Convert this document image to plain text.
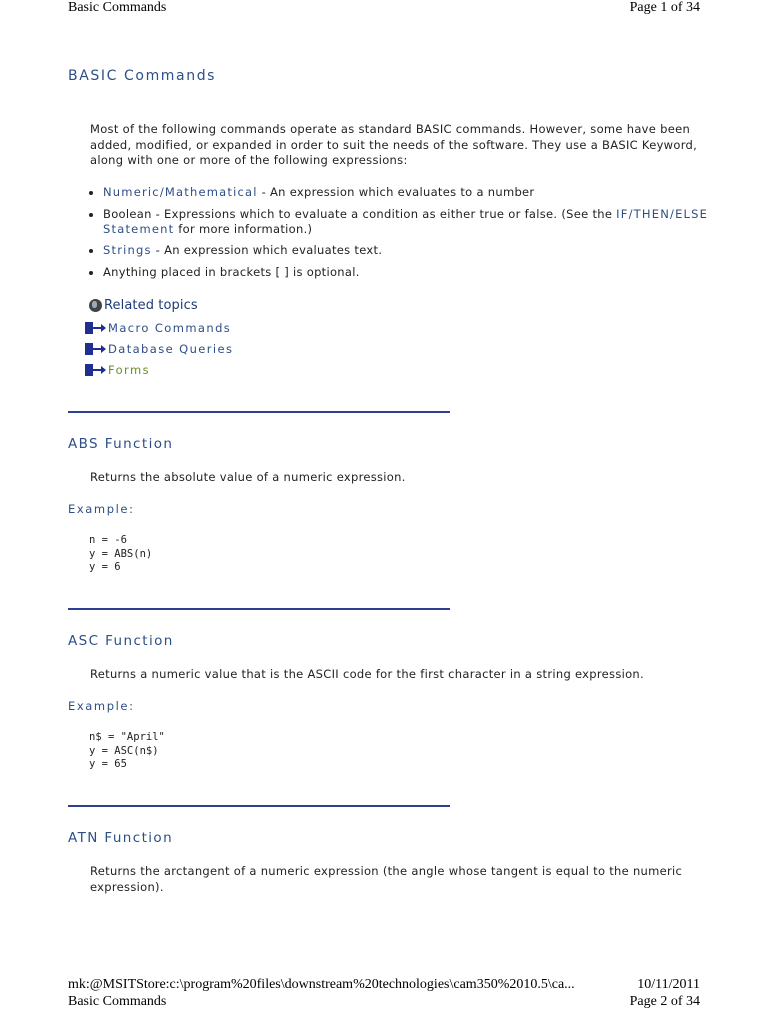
Basic Commands	Page 1 of 34
BASIC Commands
Most of the following commands operate as standard BASIC commands. However, some have been added, modified, or expanded in order to suit the needs of the software. They use a BASIC Keyword, along with one or more of the following expressions:
• Numeric/Mathematical - An expression which evaluates to a number
• Boolean - Expressions which to evaluate a condition as either true or false. (See the IF/THEN/ELSE Statement for more information.)
• Strings - An expression which evaluates text.
• Anything placed in brackets [ ] is optional.
Related topics
Macro Commands
Database Queries
Forms
ABS Function
Returns the absolute value of a numeric expression.
Example:
n = -6
y = ABS(n)
y = 6
ASC Function
Returns a numeric value that is the ASCII code for the first character in a string expression.
Example:
n$ = "April"
y = ASC(n$)
y = 65
ATN Function
Returns the arctangent of a numeric expression (the angle whose tangent is equal to the numeric expression).
mk:@MSITStore:c:\program%20files\downstream%20technologies\cam350%2010.5\ca...	10/11/2011
Basic Commands	Page 2 of 34
